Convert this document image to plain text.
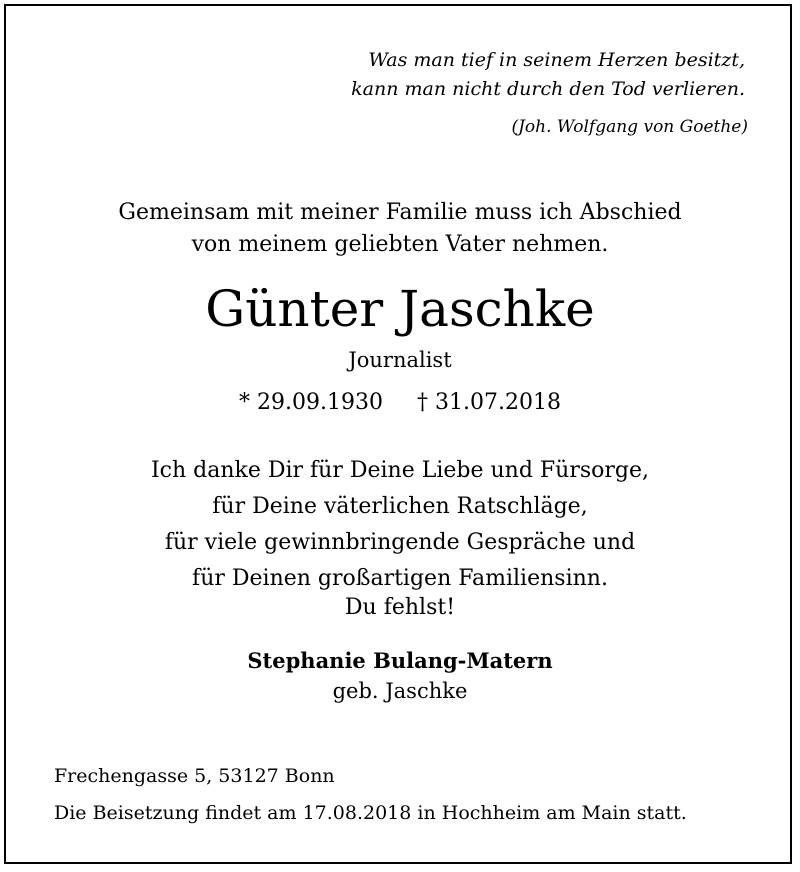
Was man tief in seinem Herzen besitzt,
kann man nicht durch den Tod verlieren.
(Joh. Wolfgang von Goethe)
Gemeinsam mit meiner Familie muss ich Abschied
von meinem geliebten Vater nehmen.
Günter Jaschke
Journalist
* 29.09.1930 † 31.07.2018
Ich danke Dir für Deine Liebe und Fürsorge,
für Deine väterlichen Ratschläge,
für viele gewinnbringende Gespräche und
für Deinen großartigen Familiensinn.
Du fehlst!
Stephanie Bulang-Matern
geb. Jaschke
Frechengasse 5, 53127 Bonn
Die Beisetzung findet am 17.08.2018 in Hochheim am Main statt.
